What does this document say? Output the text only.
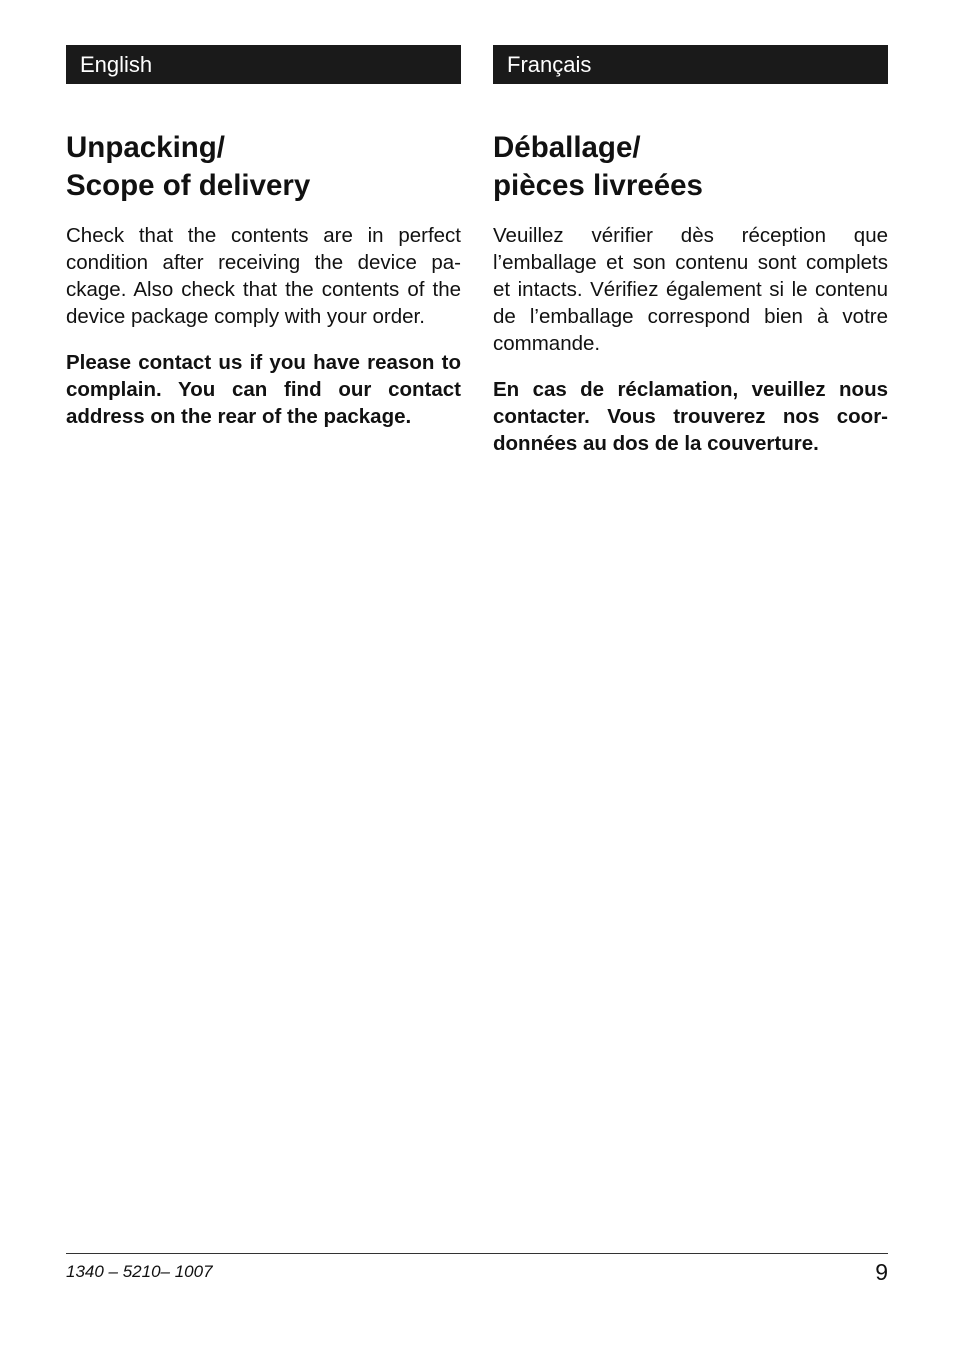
English
Unpacking/
Scope of delivery

Check that the contents are in perfect condition after receiving the device package. Also check that the contents of the device package comply with your order.

Please contact us if you have reason to complain. You can find our contact address on the rear of the package.

Français
Déballage/
pièces livreées

Veuillez vérifier dès réception que l’emballage et son contenu sont complets et intacts. Vérifiez également si le contenu de l’emballage correspond bien à votre commande.

En cas de réclamation, veuillez nous contacter. Vous trouverez nos coordonnées au dos de la couverture.

1340 – 5210– 1007	9
